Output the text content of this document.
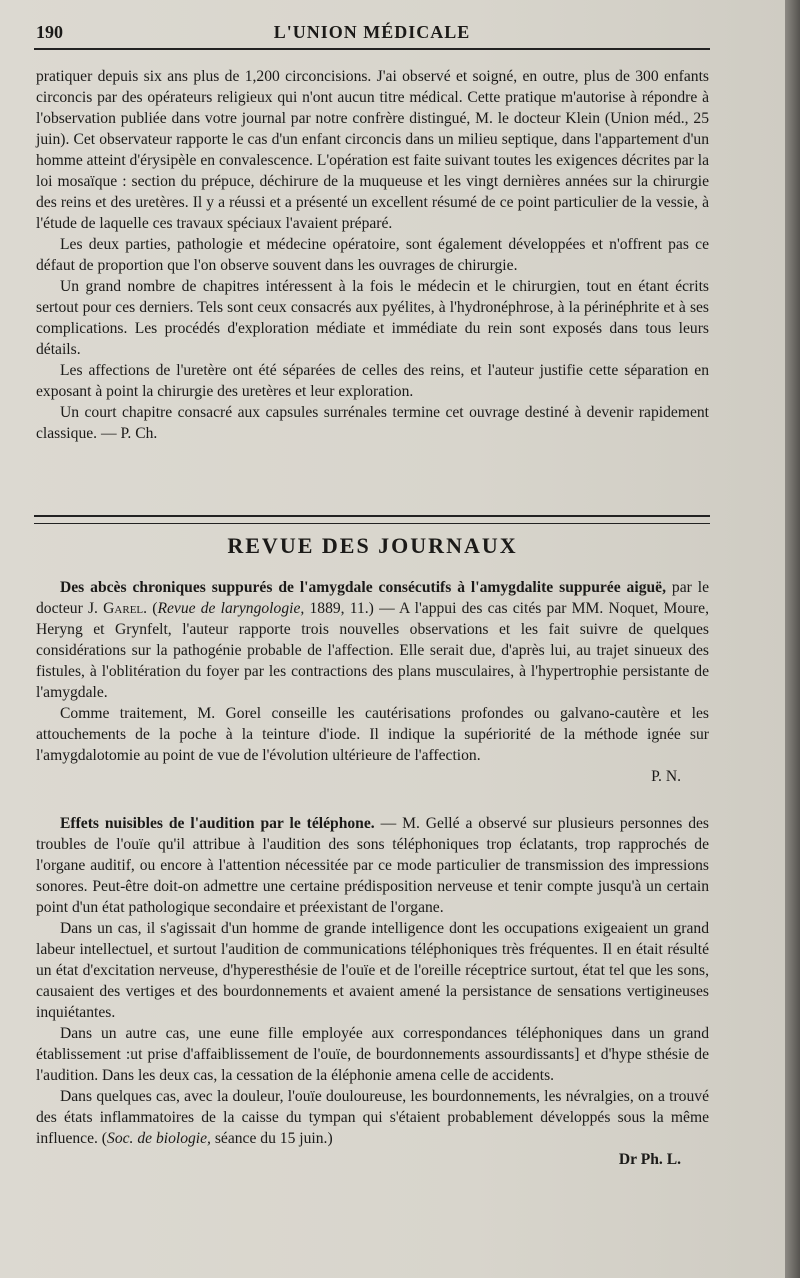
190	L'UNION MÉDICALE

pratiquer depuis six ans plus de 1,200 circoncisions. J'ai observé et soigné, en outre, plus de 300 enfants circoncis par des opérateurs religieux qui n'ont aucun titre médical. Cette pratique m'autorise à répondre à l'observation publiée dans votre journal par notre confrère distingué, M. le docteur Klein (Union méd., 25 juin). Cet observateur rapporte le cas d'un enfant circoncis dans un milieu septique, dans l'appartement d'un homme atteint d'érysipèle en convalescence. L'opération est faite suivant toutes les exigences décrites par la loi mosaïque : section du prépuce, déchirure de la muqueuse et les vingt dernières années sur la chirurgie des reins et des uretères. Il y a réussi et a présenté un excellent résumé de ce point particulier de la vessie, à l'étude de laquelle ces travaux spéciaux l'avaient préparé.

Les deux parties, pathologie et médecine opératoire, sont également développées et n'offrent pas ce défaut de proportion que l'on observe souvent dans les ouvrages de chirurgie.

Un grand nombre de chapitres intéressent à la fois le médecin et le chirurgien, tout en étant écrits sertout pour ces derniers. Tels sont ceux consacrés aux pyélites, à l'hydronéphrose, à la périnéphrite et à ses complications. Les procédés d'exploration médiate et immédiate du rein sont exposés dans tous leurs détails.

Les affections de l'uretère ont été séparées de celles des reins, et l'auteur justifie cette séparation en exposant à point la chirurgie des uretères et leur exploration.

Un court chapitre consacré aux capsules surrénales termine cet ouvrage destiné à devenir rapidement classique. — P. Ch.

REVUE DES JOURNAUX

Des abcès chroniques suppurés de l'amygdale consécutifs à l'amygdalite suppurée aiguë, par le docteur J. Garel. (Revue de laryngologie, 1889, 11.) — A l'appui des cas cités par MM. Noquet, Moure, Heryng et Grynfelt, l'auteur rapporte trois nouvelles observations et les fait suivre de quelques considérations sur la pathogénie probable de l'affection. Elle serait due, d'après lui, au trajet sinueux des fistules, à l'oblitération du foyer par les contractions des plans musculaires, à l'hypertrophie persistante de l'amygdale.

Comme traitement, M. Gorel conseille les cautérisations profondes ou galvano-cautère et les attouchements de la poche à la teinture d'iode. Il indique la supériorité de la méthode ignée sur l'amygdalotomie au point de vue de l'évolution ultérieure de l'affection.

P. N.

Effets nuisibles de l'audition par le téléphone. — M. Gellé a observé sur plusieurs personnes des troubles de l'ouïe qu'il attribue à l'audition des sons téléphoniques trop éclatants, trop rapprochés de l'organe auditif, ou encore à l'attention nécessitée par ce mode particulier de transmission des impressions sonores. Peut-être doit-on admettre une certaine prédisposition nerveuse et tenir compte jusqu'à un certain point d'un état pathologique secondaire et préexistant de l'organe.

Dans un cas, il s'agissait d'un homme de grande intelligence dont les occupations exigeaient un grand labeur intellectuel, et surtout l'audition de communications téléphoniques très fréquentes. Il en était résulté un état d'excitation nerveuse, d'hyperesthésie de l'ouïe et de l'oreille réceptrice surtout, état tel que les sons, causaient des vertiges et des bourdonnements et avaient amené la persistance de sensations vertigineuses inquiétantes.

Dans un autre cas, une eune fille employée aux correspondances téléphoniques dans un grand établissement :ut prise d'affaiblissement de l'ouïe, de bourdonnements assourdissants] et d'hype sthésie de l'audition. Dans les deux cas, la cessation de la éléphonie amena celle de accidents.

Dans quelques cas, avec la douleur, l'ouïe douloureuse, les bourdonnements, les névralgies, on a trouvé des états inflammatoires de la caisse du tympan qui s'étaient probablement développés sous la même influence. (Soc. de biologie, séance du 15 juin.)

Dr Ph. L.
